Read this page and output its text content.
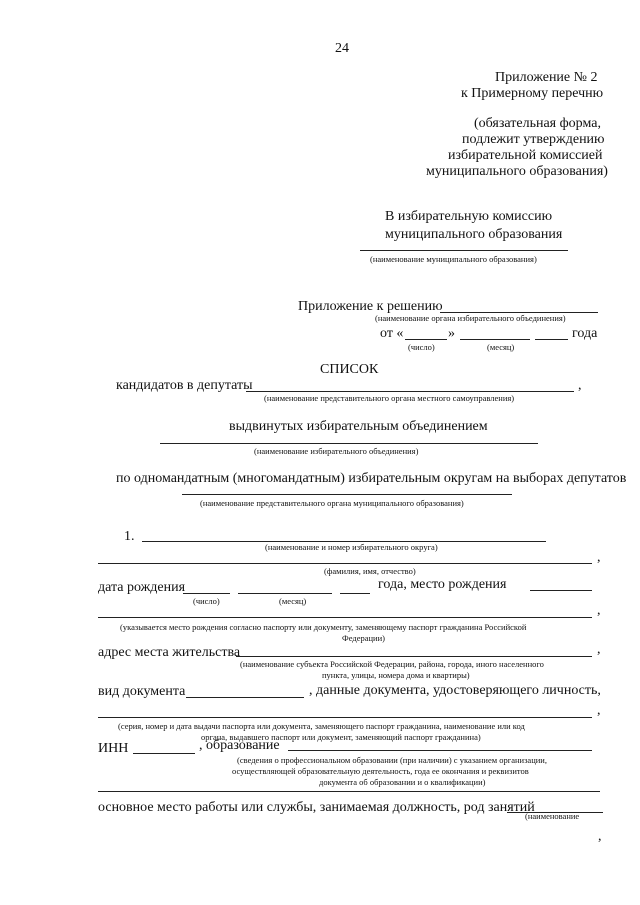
24
Приложение № 2
к Примерному перечню
(обязательная форма,
подлежит утверждению
избирательной комиссией
муниципального образования)
В избирательную комиссию
муниципального образования
(наименование муниципального образования)
Приложение к решению
(наименование органа избирательного объединения)
от «	»	года
(число)	(месяц)
СПИСОК
кандидатов в депутаты	,
(наименование представительного органа местного самоуправления)
выдвинутых избирательным объединением
(наименование избирательного объединения)
по одномандатным (многомандатным) избирательным округам на выборах депутатов
(наименование представительного органа муниципального образования)
1.
(наименование и номер избирательного округа)
,
(фамилия, имя, отчество)
дата рождения	года, место рождения
(число)	(месяц)
,
(указывается место рождения согласно паспорту или документу, заменяющему паспорт гражданина Российской
Федерации)
адрес места жительства	,
(наименование субъекта Российской Федерации, района, города, иного населенного
пункта, улицы, номера дома и квартиры)
вид документа	, данные документа, удостоверяющего личность,
,
(серия, номер и дата выдачи паспорта или документа, заменяющего паспорт гражданина, наименование или код
органа, выдавшего паспорт или документ, заменяющий паспорт гражданина)
ИНН	, образование
(сведения о профессиональном образовании (при наличии) с указанием организации,
осуществляющей образовательную деятельность, года ее окончания и реквизитов
документа об образовании и о квалификации)
основное место работы или службы, занимаемая должность, род занятий
(наименование
,
